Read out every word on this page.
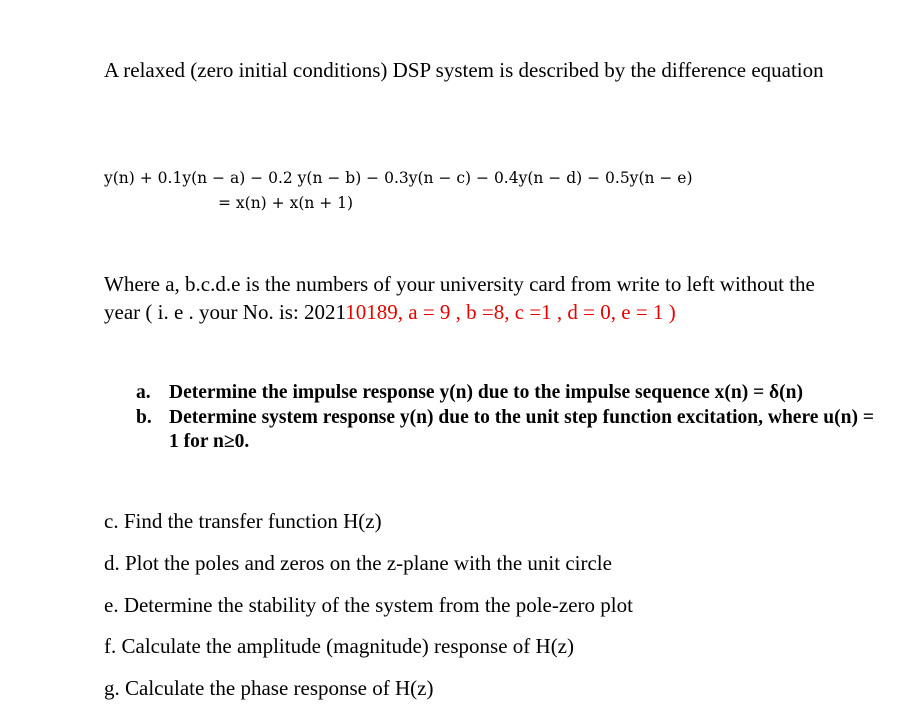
A relaxed (zero initial conditions) DSP system is described by the difference equation

y(n) + 0.1y(n − a) − 0.2 y(n − b) − 0.3y(n − c) − 0.4y(n − d) − 0.5y(n − e)
= x(n) + x(n + 1)

Where a, b.c.d.e is the numbers of your university card from write to left without the year ( i. e . your No. is: 202110189, a = 9 , b =8, c =1 , d = 0, e = 1 )

a. Determine the impulse response y(n) due to the impulse sequence x(n) = δ(n)
b. Determine system response y(n) due to the unit step function excitation, where u(n) = 1 for n≥0.

c. Find the transfer function H(z)

d. Plot the poles and zeros on the z-plane with the unit circle

e. Determine the stability of the system from the pole-zero plot

f. Calculate the amplitude (magnitude) response of H(z)

g. Calculate the phase response of H(z)
